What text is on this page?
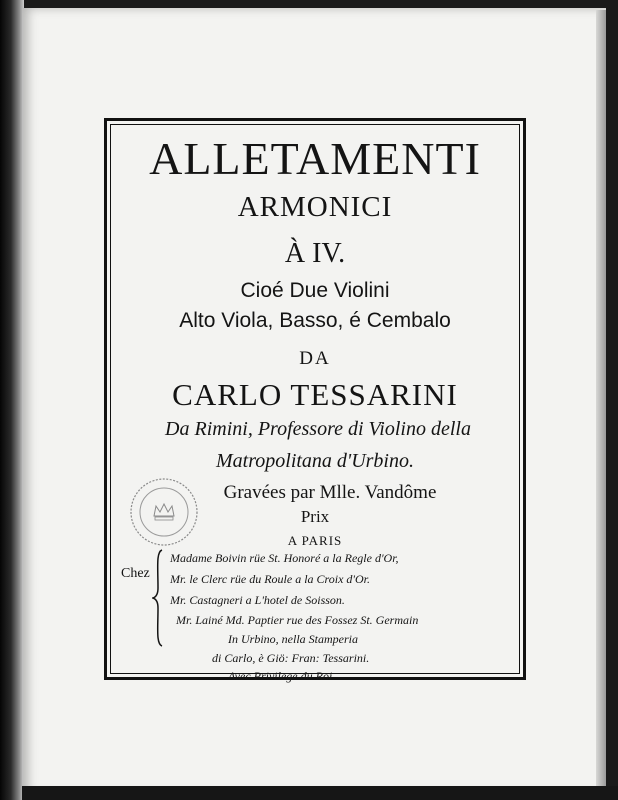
ALLETAMENTI
ARMONICI
À IV.
Cioé Due Violini
Alto Viola, Basso, é Cembalo
DA
CARLO TESSARINI
Da Rimini, Professore di Violino della
Matropolitana d'Urbino.
Gravées par Mlle. Vandôme
Prix
A PARIS
Chez
Madame Boivin rüe St. Honoré a la Regle d'Or,
Mr. le Clerc rüe du Roule a la Croix d'Or.
Mr. Castagneri a L'hotel de Soisson.
Mr. Lainé Md. Paptier rue des Fossez St. Germain
In Urbino, nella Stamperia
di Carlo, è Giö: Fran: Tessarini.
Avec Privilege du Roi.
